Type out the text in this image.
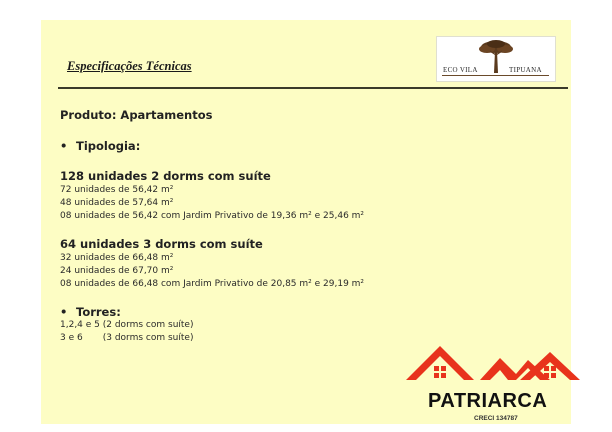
Especificações Técnicas	ECO VILA	TIPUANA

Produto: Apartamentos

• Tipologia:

128 unidades 2 dorms com suíte

72 unidades de 56,42 m²

48 unidades de 57,64 m²

08 unidades de 56,42 com Jardim Privativo de 19,36 m² e 25,46 m²

64 unidades 3 dorms com suíte

32 unidades de 66,48 m²

24 unidades de 67,70 m²

08 unidades de 66,48 com Jardim Privativo de 20,85 m² e 29,19 m²

• Torres:

1,2,4 e 5 (2 dorms com suíte)

3 e 6       (3 dorms com suíte)

PATRIARCA
CRECI 134787
